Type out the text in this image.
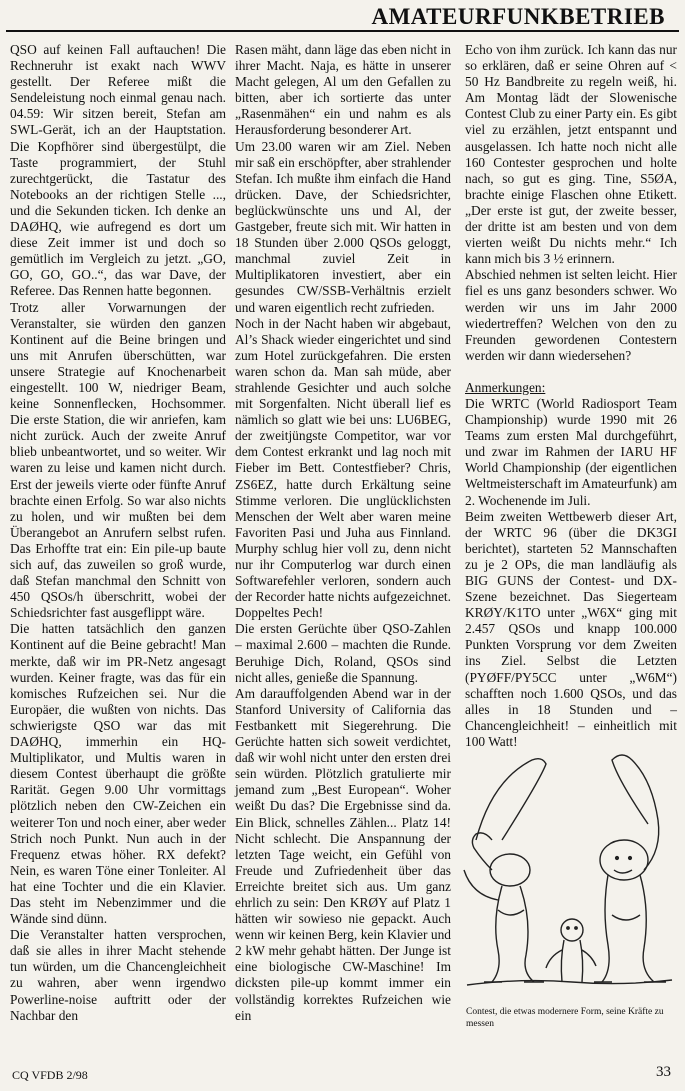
AMATEURFUNKBETRIEB

QSO auf keinen Fall auftauchen! Die Rechneruhr ist exakt nach WWV gestellt. Der Referee mißt die Sendeleistung noch einmal genau nach. 04.59: Wir sitzen bereit, Stefan am SWL-Gerät, ich an der Hauptstation. Die Kopfhörer sind übergestülpt, die Taste programmiert, der Stuhl zurechtgerückt, die Tastatur des Notebooks an der richtigen Stelle ..., und die Sekunden ticken. Ich denke an DAØHQ, wie aufregend es dort um diese Zeit immer ist und doch so gemütlich im Vergleich zu jetzt. „GO, GO, GO, GO..“, das war Dave, der Referee. Das Rennen hatte begonnen.

Trotz aller Vorwarnungen der Veranstalter, sie würden den ganzen Kontinent auf die Beine bringen und uns mit Anrufen überschütten, war unsere Strategie auf Knochenarbeit eingestellt. 100 W, niedriger Beam, keine Sonnenflecken, Hochsommer. Die erste Station, die wir anriefen, kam nicht zurück. Auch der zweite Anruf blieb unbeantwortet, und so weiter. Wir waren zu leise und kamen nicht durch. Erst der jeweils vierte oder fünfte Anruf brachte einen Erfolg. So war also nichts zu holen, und wir mußten bei dem Überangebot an Anrufern selbst rufen. Das Erhoffte trat ein: Ein pile-up baute sich auf, das zuweilen so groß wurde, daß Stefan manchmal den Schnitt von 450 QSOs/h überschritt, wobei der Schiedsrichter fast ausgeflippt wäre.

Die hatten tatsächlich den ganzen Kontinent auf die Beine gebracht! Man merkte, daß wir im PR-Netz angesagt wurden. Keiner fragte, was das für ein komisches Rufzeichen sei. Nur die Europäer, die wußten von nichts. Das schwierigste QSO war das mit DAØHQ, immerhin ein HQ-Multiplikator, und Multis waren in diesem Contest überhaupt die größte Rarität. Gegen 9.00 Uhr vormittags plötzlich neben den CW-Zeichen ein weiterer Ton und noch einer, aber weder Strich noch Punkt. Nun auch in der Frequenz etwas höher. RX defekt? Nein, es waren Töne einer Tonleiter. Al hat eine Tochter und die ein Klavier. Das steht im Nebenzimmer und die Wände sind dünn.

Die Veranstalter hatten versprochen, daß sie alles in ihrer Macht stehende tun würden, um die Chancengleichheit zu wahren, aber wenn irgendwo Powerline-noise auftritt oder der Nachbar den

Rasen mäht, dann läge das eben nicht in ihrer Macht. Naja, es hätte in unserer Macht gelegen, Al um den Gefallen zu bitten, aber ich sortierte das unter „Rasenmähen“ ein und nahm es als Herausforderung besonderer Art.

Um 23.00 waren wir am Ziel. Neben mir saß ein erschöpfter, aber strahlender Stefan. Ich mußte ihm einfach die Hand drücken. Dave, der Schiedsrichter, beglückwünschte uns und Al, der Gastgeber, freute sich mit. Wir hatten in 18 Stunden über 2.000 QSOs geloggt, manchmal zuviel Zeit in Multiplikatoren investiert, aber ein gesundes CW/SSB-Verhältnis erzielt und waren eigentlich recht zufrieden.

Noch in der Nacht haben wir abgebaut, Al’s Shack wieder eingerichtet und sind zum Hotel zurückgefahren. Die ersten waren schon da. Man sah müde, aber strahlende Gesichter und auch solche mit Sorgenfalten. Nicht überall lief es nämlich so glatt wie bei uns: LU6BEG, der zweitjüngste Competitor, war vor dem Contest erkrankt und lag noch mit Fieber im Bett. Contestfieber? Chris, ZS6EZ, hatte durch Erkältung seine Stimme verloren. Die unglücklichsten Menschen der Welt aber waren meine Favoriten Pasi und Juha aus Finnland. Murphy schlug hier voll zu, denn nicht nur ihr Computerlog war durch einen Softwarefehler verloren, sondern auch der Recorder hatte nichts aufgezeichnet. Doppeltes Pech!

Die ersten Gerüchte über QSO-Zahlen – maximal 2.600 – machten die Runde. Beruhige Dich, Roland, QSOs sind nicht alles, genieße die Spannung.

Am darauffolgenden Abend war in der Stanford University of California das Festbankett mit Siegerehrung. Die Gerüchte hatten sich soweit verdichtet, daß wir wohl nicht unter den ersten drei sein würden. Plötzlich gratulierte mir jemand zum „Best European“. Woher weißt Du das? Die Ergebnisse sind da. Ein Blick, schnelles Zählen... Platz 14! Nicht schlecht. Die Anspannung der letzten Tage weicht, ein Gefühl von Freude und Zufriedenheit über das Erreichte breitet sich aus. Um ganz ehrlich zu sein: Den KRØY auf Platz 1 hätten wir sowieso nie gepackt. Auch wenn wir keinen Berg, kein Klavier und 2 kW mehr gehabt hätten. Der Junge ist eine biologische CW-Maschine! Im dicksten pile-up kommt immer ein vollständig korrektes Rufzeichen wie ein

Echo von ihm zurück. Ich kann das nur so erklären, daß er seine Ohren auf < 50 Hz Bandbreite zu regeln weiß, hi. Am Montag lädt der Slowenische Contest Club zu einer Party ein. Es gibt viel zu erzählen, jetzt entspannt und ausgelassen. Ich hatte noch nicht alle 160 Contester gesprochen und holte nach, so gut es ging. Tine, S5ØA, brachte einige Flaschen ohne Etikett. „Der erste ist gut, der zweite besser, der dritte ist am besten und von dem vierten weißt Du nichts mehr.“ Ich kann mich bis 3 ½ erinnern.

Abschied nehmen ist selten leicht. Hier fiel es uns ganz besonders schwer. Wo werden wir uns im Jahr 2000 wiedertreffen? Welchen von den zu Freunden gewordenen Contestern werden wir dann wiedersehen?

Anmerkungen:

Die WRTC (World Radiosport Team Championship) wurde 1990 mit 26 Teams zum ersten Mal durchgeführt, und zwar im Rahmen der IARU HF World Championship (der eigentlichen Weltmeisterschaft im Amateurfunk) am 2. Wochenende im Juli.

Beim zweiten Wettbewerb dieser Art, der WRTC 96 (über die DK3GI berichtet), starteten 52 Mannschaften zu je 2 OPs, die man landläufig als BIG GUNS der Contest- und DX-Szene bezeichnet. Das Siegerteam KRØY/K1TO unter „W6X“ ging mit 2.457 QSOs und knapp 100.000 Punkten Vorsprung vor dem Zweiten ins Ziel. Selbst die Letzten (PYØFF/PY5CC unter „W6M“) schafften noch 1.600 QSOs, und das alles in 18 Stunden und – Chancengleichheit! – einheitlich mit 100 Watt!

Contest, die etwas modernere Form, seine Kräfte zu messen
CQ VFDB 2/98	33
